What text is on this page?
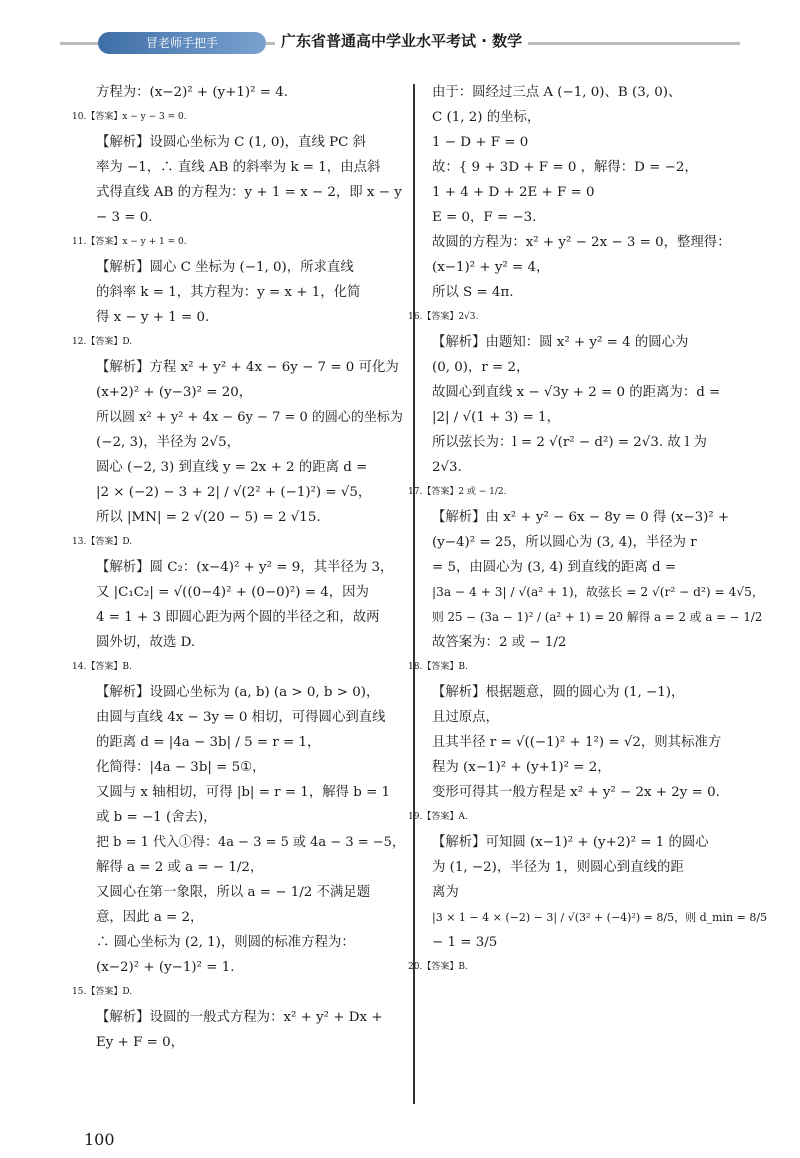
冒老师手把手	广东省普通高中学业水平考试 · 数学
方程为：(x−2)² + (y+1)² = 4.
10.【答案】x − y − 3 = 0.
【解析】设圆心坐标为 C (1, 0)，直线 PC 斜
率为 −1，∴ 直线 AB 的斜率为 k = 1，由点斜
式得直线 AB 的方程为：y + 1 = x − 2，即 x − y
− 3 = 0.
11.【答案】x − y + 1 = 0.
【解析】圆心 C 坐标为 (−1, 0)，所求直线
的斜率 k = 1，其方程为：y = x + 1，化简
得 x − y + 1 = 0.
12.【答案】D.
【解析】方程 x² + y² + 4x − 6y − 7 = 0 可化为
(x+2)² + (y−3)² = 20，
所以圆 x² + y² + 4x − 6y − 7 = 0 的圆心的坐标为
(−2, 3)，半径为 2√5，
圆心 (−2, 3) 到直线 y = 2x + 2 的距离 d =
|2 × (−2) − 3 + 2| / √(2² + (−1)²) = √5，
所以 |MN| = 2 √(20 − 5) = 2 √15.
13.【答案】D.
【解析】圆 C₂：(x−4)² + y² = 9，其半径为 3，
又 |C₁C₂| = √((0−4)² + (0−0)²) = 4，因为
4 = 1 + 3 即圆心距为两个圆的半径之和，故两
圆外切，故选 D.
14.【答案】B.
【解析】设圆心坐标为 (a, b) (a > 0, b > 0)，
由圆与直线 4x − 3y = 0 相切，可得圆心到直线
的距离 d = |4a − 3b| / 5 = r = 1，
化简得：|4a − 3b| = 5①，
又圆与 x 轴相切，可得 |b| = r = 1，解得 b = 1
或 b = −1 (舍去)，
把 b = 1 代入①得：4a − 3 = 5 或 4a − 3 = −5，
解得 a = 2 或 a = − 1/2，
又圆心在第一象限，所以 a = − 1/2 不满足题
意，因此 a = 2，
∴ 圆心坐标为 (2, 1)，则圆的标准方程为：
(x−2)² + (y−1)² = 1.
15.【答案】D.
【解析】设圆的一般式方程为：x² + y² + Dx +
Ey + F = 0，
由于：圆经过三点 A (−1, 0)、B (3, 0)、
C (1, 2) 的坐标，
1 − D + F = 0
故：{ 9 + 3D + F = 0 ，解得：D = −2，
1 + 4 + D + 2E + F = 0
E = 0，F = −3.
故圆的方程为：x² + y² − 2x − 3 = 0，整理得：
(x−1)² + y² = 4，
所以 S = 4π.
16.【答案】2√3.
【解析】由题知：圆 x² + y² = 4 的圆心为
(0, 0)，r = 2，
故圆心到直线 x − √3y + 2 = 0 的距离为：d =
|2| / √(1 + 3) = 1，
所以弦长为：l = 2 √(r² − d²) = 2√3. 故 l 为
2√3.
17.【答案】2 或 − 1/2.
【解析】由 x² + y² − 6x − 8y = 0 得 (x−3)² +
(y−4)² = 25，所以圆心为 (3, 4)，半径为 r
= 5，由圆心为 (3, 4) 到直线的距离 d =
|3a − 4 + 3| / √(a² + 1)，故弦长 = 2 √(r² − d²) = 4√5，
则 25 − (3a − 1)² / (a² + 1) = 20 解得 a = 2 或 a = − 1/2
故答案为：2 或 − 1/2
18.【答案】B.
【解析】根据题意，圆的圆心为 (1, −1)，
且过原点，
且其半径 r = √((−1)² + 1²) = √2，则其标准方
程为 (x−1)² + (y+1)² = 2，
变形可得其一般方程是 x² + y² − 2x + 2y = 0.
19.【答案】A.
【解析】可知圆 (x−1)² + (y+2)² = 1 的圆心
为 (1, −2)，半径为 1，则圆心到直线的距
离为
|3 × 1 − 4 × (−2) − 3| / √(3² + (−4)²) = 8/5，则 d_min = 8/5
− 1 = 3/5
20.【答案】B.
100
